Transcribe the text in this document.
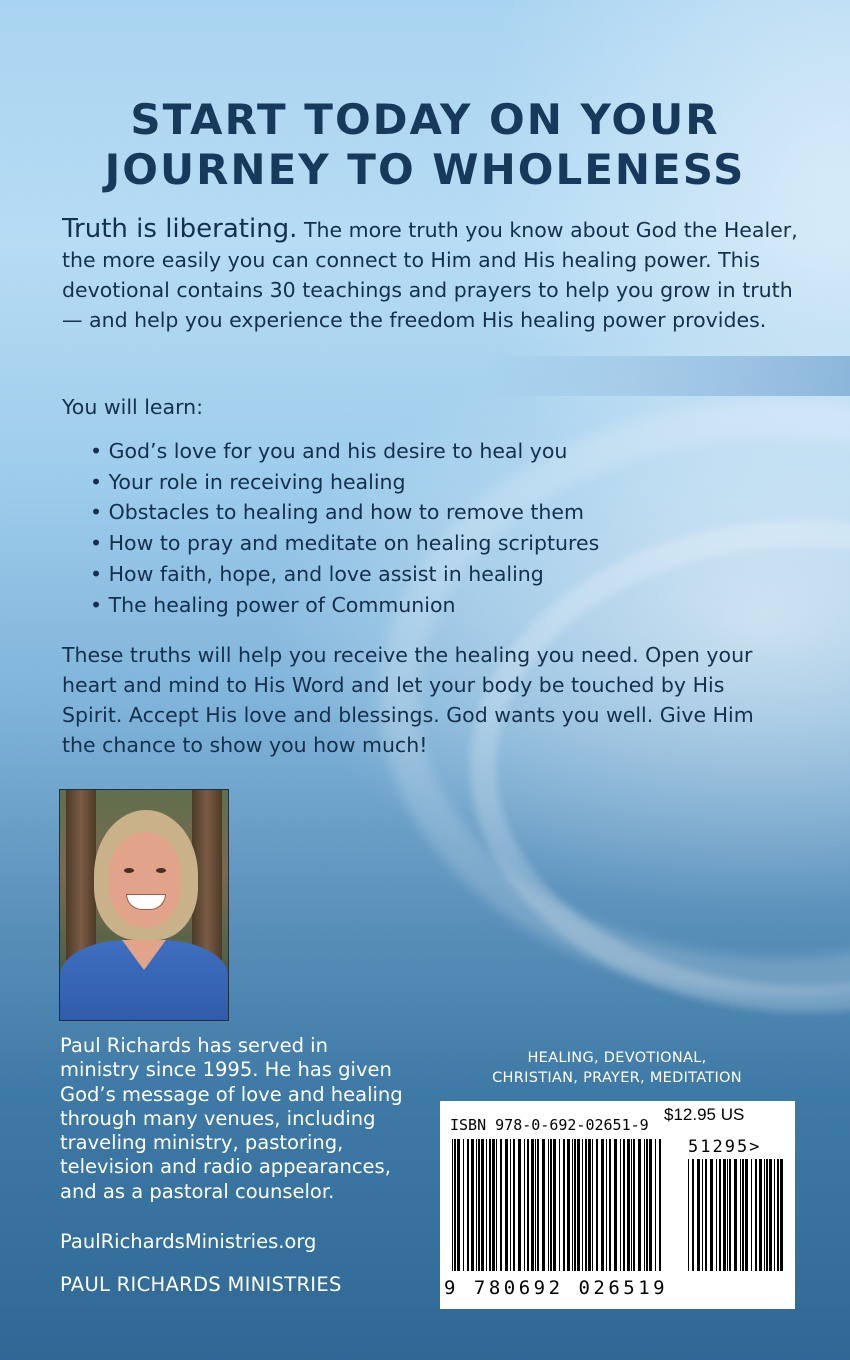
START TODAY ON YOUR
JOURNEY TO WHOLENESS

Truth is liberating. The more truth you know about God the Healer, the more easily you can connect to Him and His healing power. This devotional contains 30 teachings and prayers to help you grow in truth — and help you experience the freedom His healing power provides.

You will learn:

• God’s love for you and his desire to heal you
• Your role in receiving healing
• Obstacles to healing and how to remove them
• How to pray and meditate on healing scriptures
• How faith, hope, and love assist in healing
• The healing power of Communion

These truths will help you receive the healing you need. Open your heart and mind to His Word and let your body be touched by His Spirit. Accept His love and blessings. God wants you well. Give Him the chance to show you how much!

Paul Richards has served in ministry since 1995. He has given God’s message of love and healing through many venues, including traveling ministry, pastoring, television and radio appearances, and as a pastoral counselor.

PaulRichardsMinistries.org

PAUL RICHARDS MINISTRIES

HEALING, DEVOTIONAL,
CHRISTIAN, PRAYER, MEDITATION

ISBN 978-0-692-02651-9

$12.95 US

51295>

9 780692 026519
